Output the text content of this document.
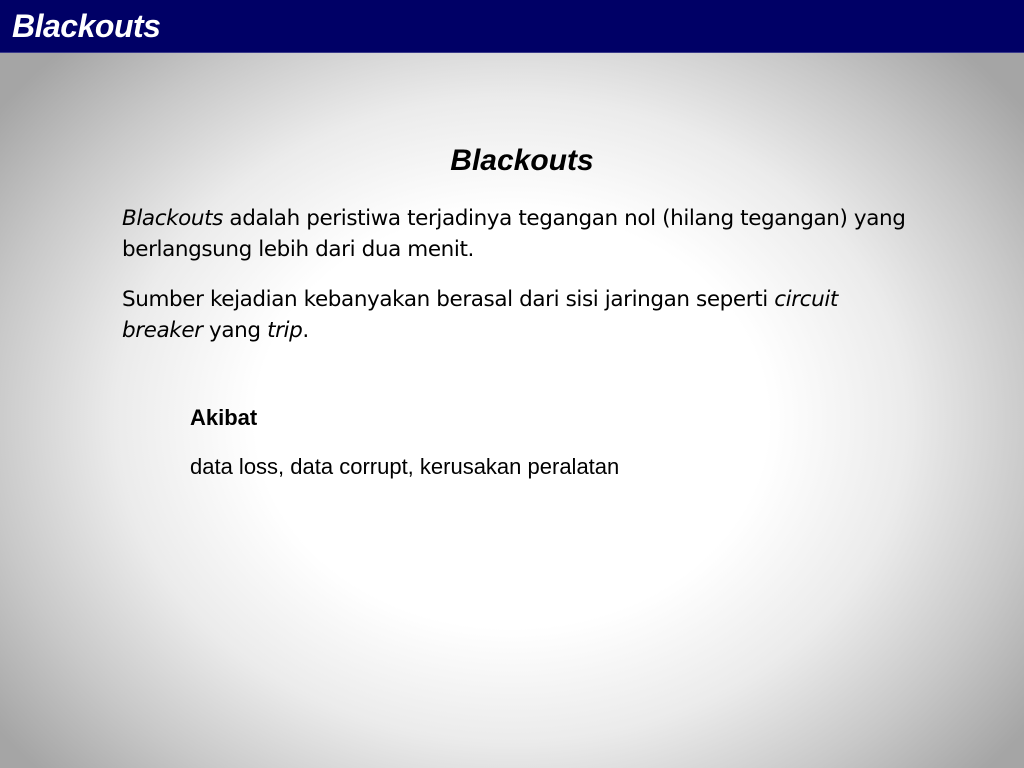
Blackouts
Blackouts
Blackouts adalah peristiwa terjadinya tegangan nol (hilang tegangan) yang berlangsung lebih dari dua menit.
Sumber kejadian kebanyakan berasal dari sisi jaringan seperti circuit breaker yang trip.
Akibat
data loss, data corrupt, kerusakan peralatan
